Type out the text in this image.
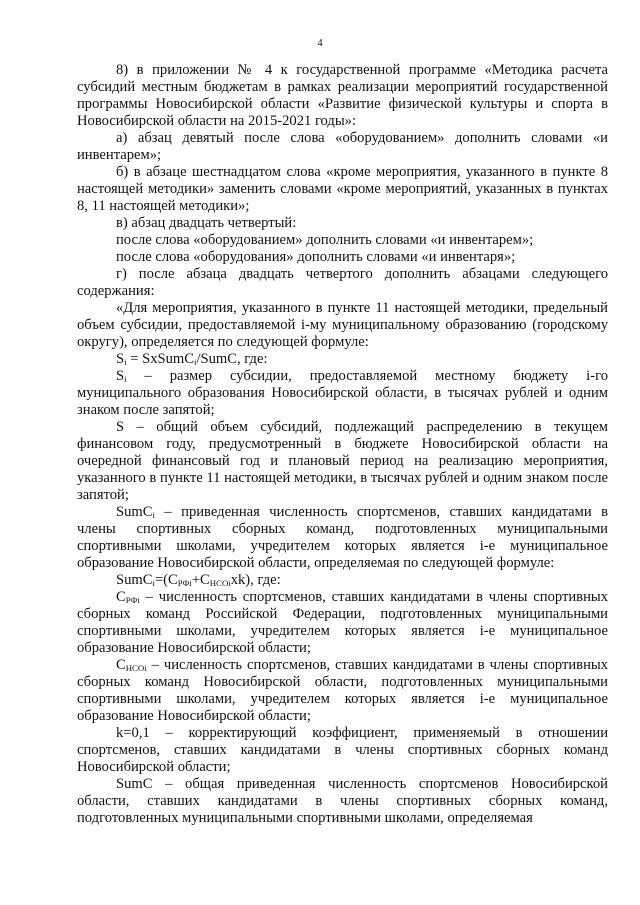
4

8) в приложении № 4 к государственной программе «Методика расчета субсидий местным бюджетам в рамках реализации мероприятий государственной программы Новосибирской области «Развитие физической культуры и спорта в Новосибирской области на 2015-2021 годы»:

а) абзац девятый после слова «оборудованием» дополнить словами «и инвентарем»;

б) в абзаце шестнадцатом слова «кроме мероприятия, указанного в пункте 8 настоящей методики» заменить словами «кроме мероприятий, указанных в пунктах 8, 11 настоящей методики»;

в) абзац двадцать четвертый:

после слова «оборудованием» дополнить словами «и инвентарем»;

после слова «оборудования» дополнить словами «и инвентаря»;

г) после абзаца двадцать четвертого дополнить абзацами следующего содержания:

«Для мероприятия, указанного в пункте 11 настоящей методики, предельный объем субсидии, предоставляемой i-му муниципальному образованию (городскому округу), определяется по следующей формуле:

$S_i$ = SxSumC$_i$/SumC, где:

$S_i$ – размер субсидии, предоставляемой местному бюджету i-го муниципального образования Новосибирской области, в тысячах рублей и одним знаком после запятой;

S – общий объем субсидий, подлежащий распределению в текущем финансовом году, предусмотренный в бюджете Новосибирской области на очередной финансовый год и плановый период на реализацию мероприятия, указанного в пункте 11 настоящей методики, в тысячах рублей и одним знаком после запятой;

SumC$_i$ – приведенная численность спортсменов, ставших кандидатами в члены спортивных сборных команд, подготовленных муниципальными спортивными школами, учредителем которых является i-е муниципальное образование Новосибирской области, определяемая по следующей формуле:

$SumC_i=(C_{РФi}+C_{НСОi}xk)$, где:

$C_{РФi}$ – численность спортсменов, ставших кандидатами в члены спортивных сборных команд Российской Федерации, подготовленных муниципальными спортивными школами, учредителем которых является i-е муниципальное образование Новосибирской области;

$C_{НСОi}$ – численность спортсменов, ставших кандидатами в члены спортивных сборных команд Новосибирской области, подготовленных муниципальными спортивными школами, учредителем которых является i-е муниципальное образование Новосибирской области;

k=0,1 – корректирующий коэффициент, применяемый в отношении спортсменов, ставших кандидатами в члены спортивных сборных команд Новосибирской области;

SumC – общая приведенная численность спортсменов Новосибирской области, ставших кандидатами в члены спортивных сборных команд, подготовленных муниципальными спортивными школами, определяемая
